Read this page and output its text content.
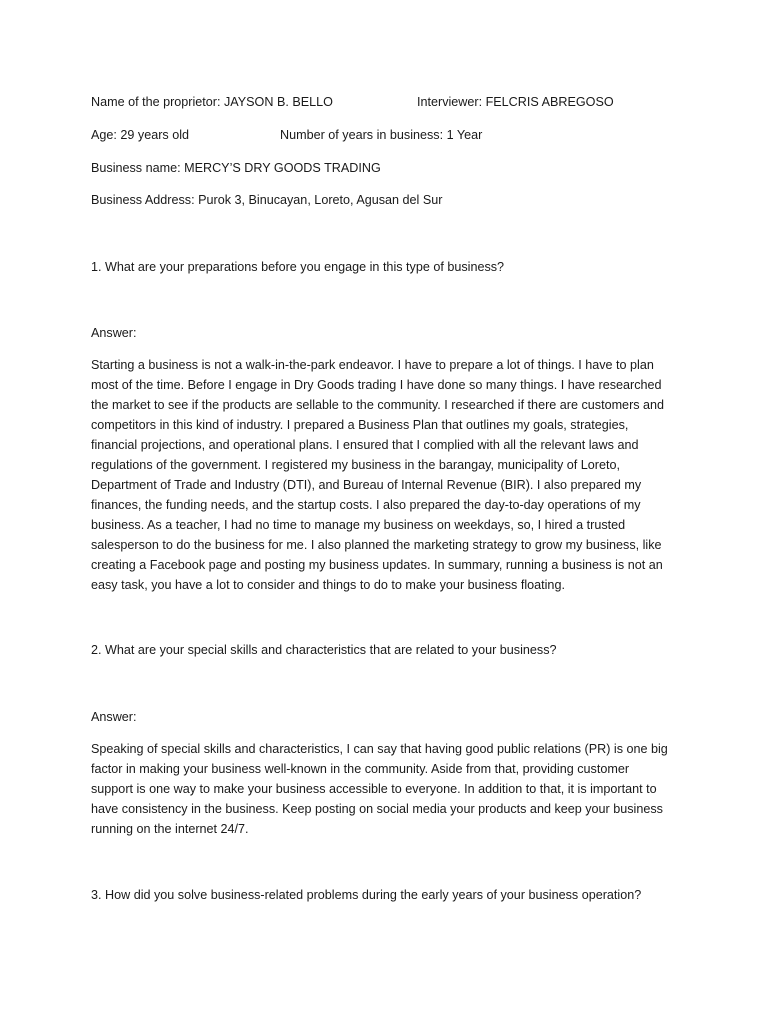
Name of the proprietor: JAYSON B. BELLO	Interviewer: FELCRIS ABREGOSO
Age: 29 years old	Number of years in business: 1 Year
Business name: MERCY’S DRY GOODS TRADING
Business Address: Purok 3, Binucayan, Loreto, Agusan del Sur
1. What are your preparations before you engage in this type of business?
Answer:
Starting a business is not a walk-in-the-park endeavor. I have to prepare a lot of things. I have to plan
most of the time. Before I engage in Dry Goods trading I have done so many things. I have researched
the market to see if the products are sellable to the community. I researched if there are customers and
competitors in this kind of industry. I prepared a Business Plan that outlines my goals, strategies,
financial projections, and operational plans. I ensured that I complied with all the relevant laws and
regulations of the government. I registered my business in the barangay, municipality of Loreto,
Department of Trade and Industry (DTI), and Bureau of Internal Revenue (BIR). I also prepared my
finances, the funding needs, and the startup costs. I also prepared the day-to-day operations of my
business. As a teacher, I had no time to manage my business on weekdays, so, I hired a trusted
salesperson to do the business for me. I also planned the marketing strategy to grow my business, like
creating a Facebook page and posting my business updates. In summary, running a business is not an
easy task, you have a lot to consider and things to do to make your business floating.
2. What are your special skills and characteristics that are related to your business?
Answer:
Speaking of special skills and characteristics, I can say that having good public relations (PR) is one big
factor in making your business well-known in the community. Aside from that, providing customer
support is one way to make your business accessible to everyone. In addition to that, it is important to
have consistency in the business. Keep posting on social media your products and keep your business
running on the internet 24/7.
3. How did you solve business-related problems during the early years of your business operation?
